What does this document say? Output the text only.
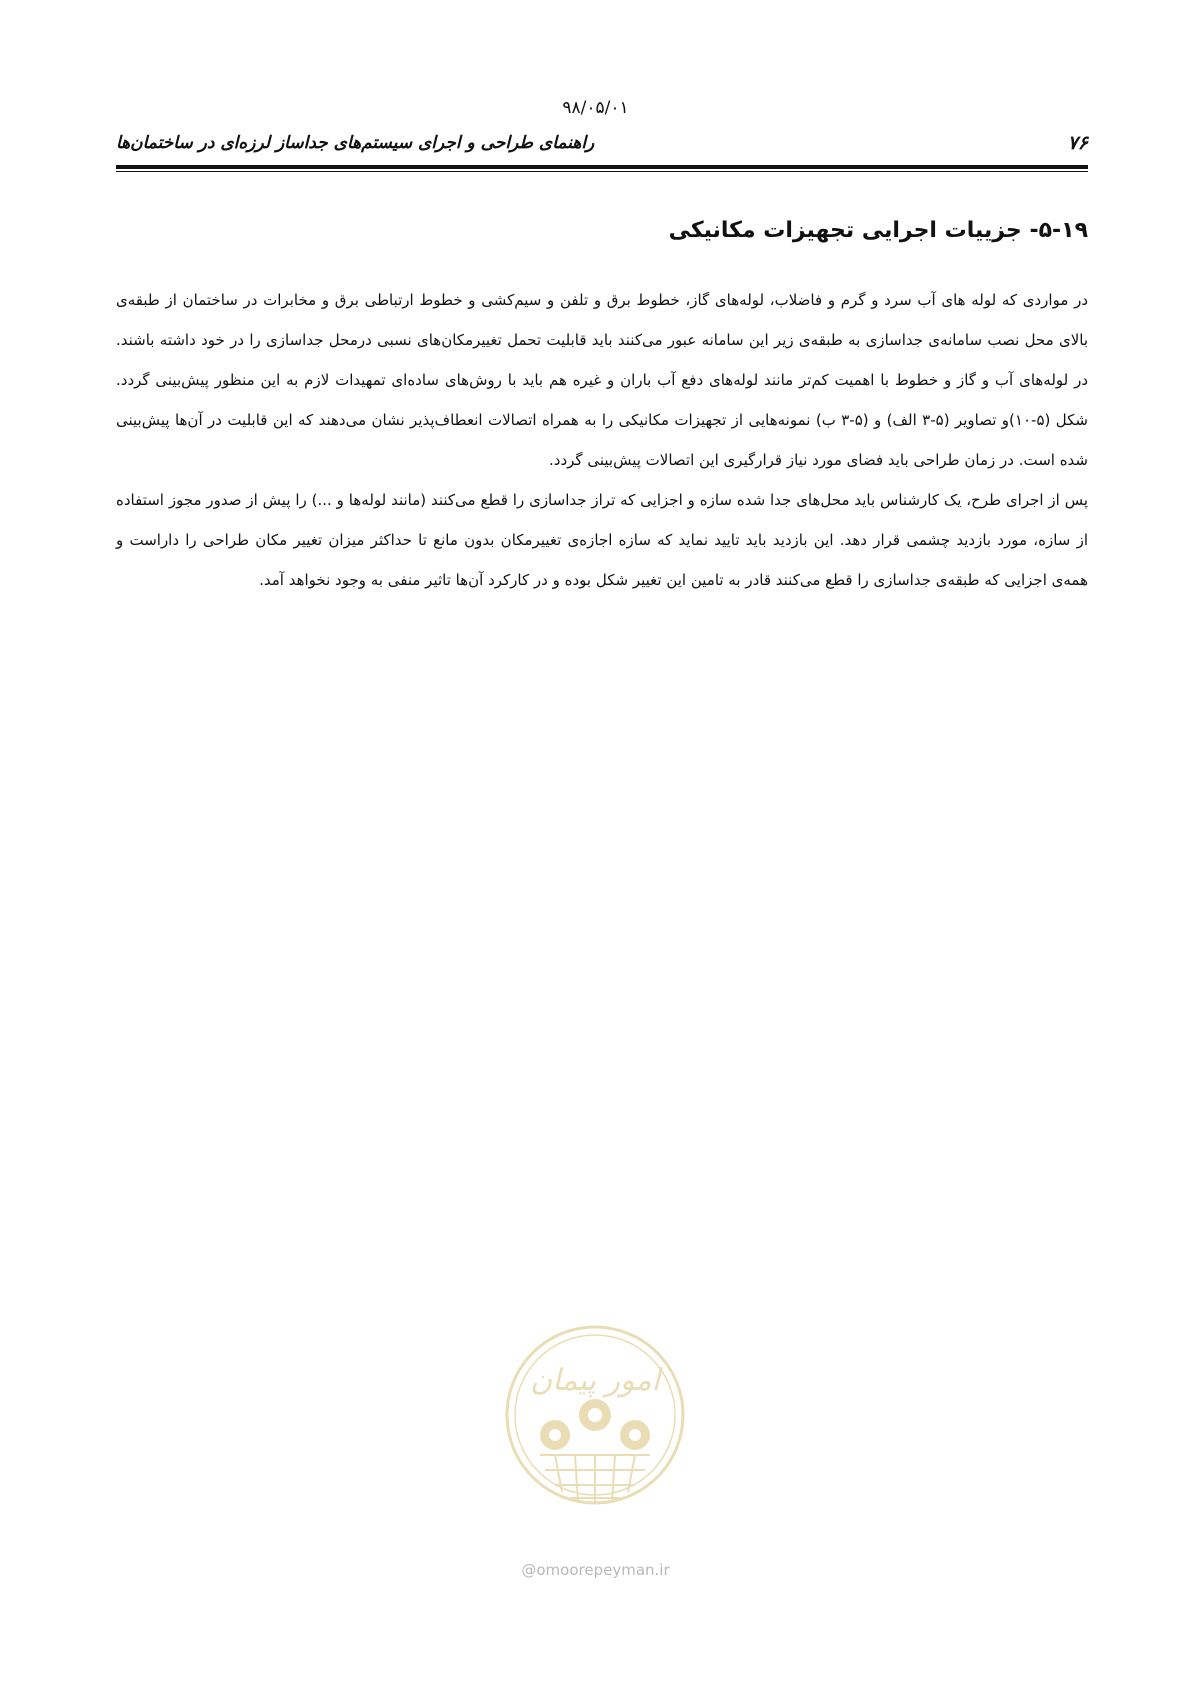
۹۸/۰۵/۰۱
۷۶
راهنمای طراحی و اجرای سیستم‌های جداساز لرزه‌ای در ساختمان‌ها
۵-۱۹- جزییات اجرایی تجهیزات مکانیکی

در مواردی که لوله های آب سرد و گرم و فاضلاب، لوله‌های گاز، خطوط برق و تلفن و سیم‌کشی و خطوط ارتباطی برق و مخابرات در ساختمان از طبقه‌ی بالای محل نصب سامانه‌ی جداسازی به طبقه‌ی زیر این سامانه عبور می‌کنند باید قابلیت تحمل تغییرمکان‌های نسبی درمحل جداسازی را در خود داشته باشند. در لوله‌های آب و گاز و خطوط با اهمیت کم‌تر مانند لوله‌های دفع آب باران و غیره هم باید با روش‌های ساده‌ای تمهیدات لازم به این منظور پیش‌بینی گردد. شکل (۵-۱۰)و تصاویر (۵-۳ الف) و (۵-۳ ب) نمونه‌هایی از تجهیزات مکانیکی را به همراه اتصالات انعطاف‌پذیر نشان می‌دهند که این قابلیت در آن‌ها پیش‌بینی شده است. در زمان طراحی باید فضای مورد نیاز قرارگیری این اتصالات پیش‌بینی گردد.

پس از اجرای طرح، یک کارشناس باید محل‌های جدا شده سازه و اجزایی که تراز جداسازی را قطع می‌کنند (مانند لوله‌ها و ...) را پیش از صدور مجوز استفاده از سازه، مورد بازدید چشمی قرار دهد. این بازدید باید تایید نماید که سازه اجازه‌ی تغییرمکان بدون مانع تا حداکثر میزان تغییر مکان طراحی را داراست و همه‌ی اجزایی که طبقه‌ی جداسازی را قطع می‌کنند قادر به تامین این تغییر شکل بوده و در کارکرد آن‌ها تاثیر منفی به وجود نخواهد آمد.

امور پیمان
@omoorepeyman.ir
